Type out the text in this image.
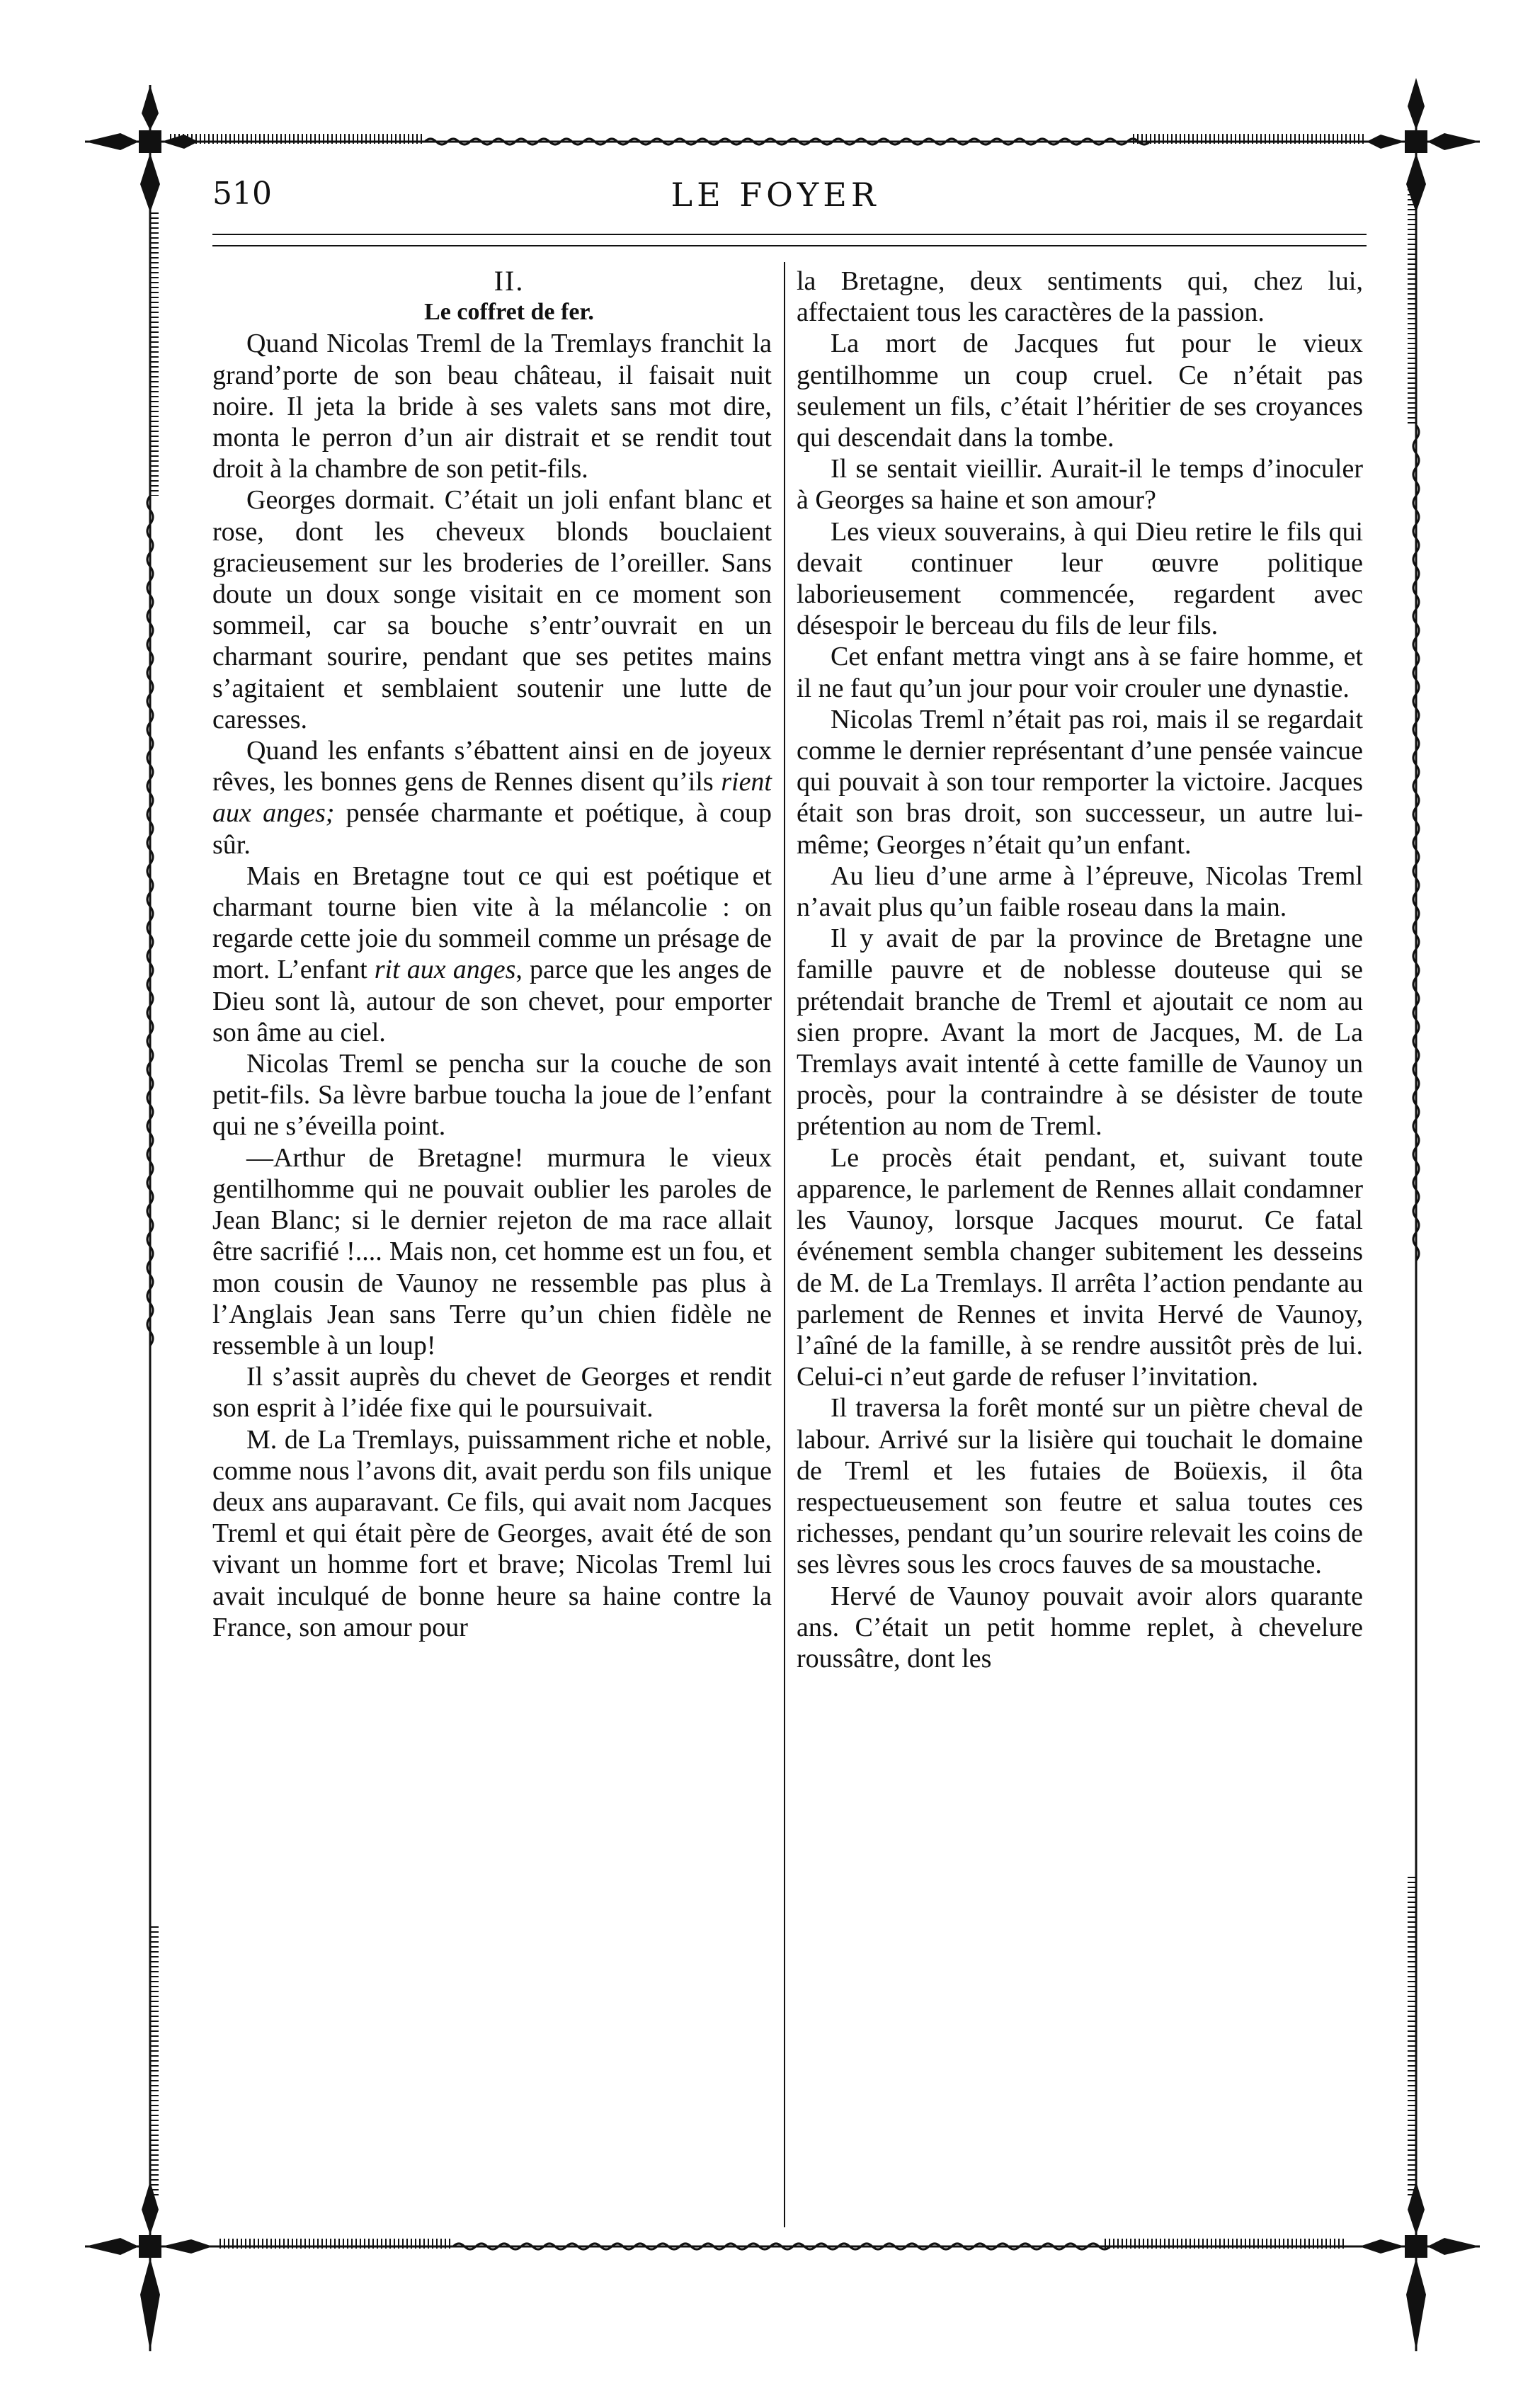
510	LE FOYER

II.

Le coffret de fer.

Quand Nicolas Treml de la Tremlays franchit la grand’porte de son beau château, il faisait nuit noire. Il jeta la bride à ses valets sans mot dire, monta le perron d’un air distrait et se rendit tout droit à la chambre de son petit-fils.

Georges dormait. C’était un joli enfant blanc et rose, dont les cheveux blonds bouclaient gracieusement sur les broderies de l’oreiller. Sans doute un doux songe visitait en ce moment son sommeil, car sa bouche s’entr’ouvrait en un charmant sourire, pendant que ses petites mains s’agitaient et semblaient soutenir une lutte de caresses.

Quand les enfants s’ébattent ainsi en de joyeux rêves, les bonnes gens de Rennes disent qu’ils rient aux anges; pensée charmante et poétique, à coup sûr.

Mais en Bretagne tout ce qui est poétique et charmant tourne bien vite à la mélancolie : on regarde cette joie du sommeil comme un présage de mort. L’enfant rit aux anges, parce que les anges de Dieu sont là, autour de son chevet, pour emporter son âme au ciel.

Nicolas Treml se pencha sur la couche de son petit-fils. Sa lèvre barbue toucha la joue de l’enfant qui ne s’éveilla point.

—Arthur de Bretagne! murmura le vieux gentilhomme qui ne pouvait oublier les paroles de Jean Blanc; si le dernier rejeton de ma race allait être sacrifié !.... Mais non, cet homme est un fou, et mon cousin de Vaunoy ne ressemble pas plus à l’Anglais Jean sans Terre qu’un chien fidèle ne ressemble à un loup!

Il s’assit auprès du chevet de Georges et rendit son esprit à l’idée fixe qui le poursuivait.

M. de La Tremlays, puissamment riche et noble, comme nous l’avons dit, avait perdu son fils unique deux ans auparavant. Ce fils, qui avait nom Jacques Treml et qui était père de Georges, avait été de son vivant un homme fort et brave; Nicolas Treml lui avait inculqué de bonne heure sa haine contre la France, son amour pour

la Bretagne, deux sentiments qui, chez lui, affectaient tous les caractères de la passion.

La mort de Jacques fut pour le vieux gentilhomme un coup cruel. Ce n’était pas seulement un fils, c’était l’héritier de ses croyances qui descendait dans la tombe.

Il se sentait vieillir. Aurait-il le temps d’inoculer à Georges sa haine et son amour?

Les vieux souverains, à qui Dieu retire le fils qui devait continuer leur œuvre politique laborieusement commencée, regardent avec désespoir le berceau du fils de leur fils.

Cet enfant mettra vingt ans à se faire homme, et il ne faut qu’un jour pour voir crouler une dynastie.

Nicolas Treml n’était pas roi, mais il se regardait comme le dernier représentant d’une pensée vaincue qui pouvait à son tour remporter la victoire. Jacques était son bras droit, son successeur, un autre lui-même; Georges n’était qu’un enfant.

Au lieu d’une arme à l’épreuve, Nicolas Treml n’avait plus qu’un faible roseau dans la main.

Il y avait de par la province de Bretagne une famille pauvre et de noblesse douteuse qui se prétendait branche de Treml et ajoutait ce nom au sien propre. Avant la mort de Jacques, M. de La Tremlays avait intenté à cette famille de Vaunoy un procès, pour la contraindre à se désister de toute prétention au nom de Treml.

Le procès était pendant, et, suivant toute apparence, le parlement de Rennes allait condamner les Vaunoy, lorsque Jacques mourut. Ce fatal événement sembla changer subitement les desseins de M. de La Tremlays. Il arrêta l’action pendante au parlement de Rennes et invita Hervé de Vaunoy, l’aîné de la famille, à se rendre aussitôt près de lui. Celui-ci n’eut garde de refuser l’invitation.

Il traversa la forêt monté sur un piètre cheval de labour. Arrivé sur la lisière qui touchait le domaine de Treml et les futaies de Boüexis, il ôta respectueusement son feutre et salua toutes ces richesses, pendant qu’un sourire relevait les coins de ses lèvres sous les crocs fauves de sa moustache.

Hervé de Vaunoy pouvait avoir alors quarante ans. C’était un petit homme replet, à chevelure roussâtre, dont les
